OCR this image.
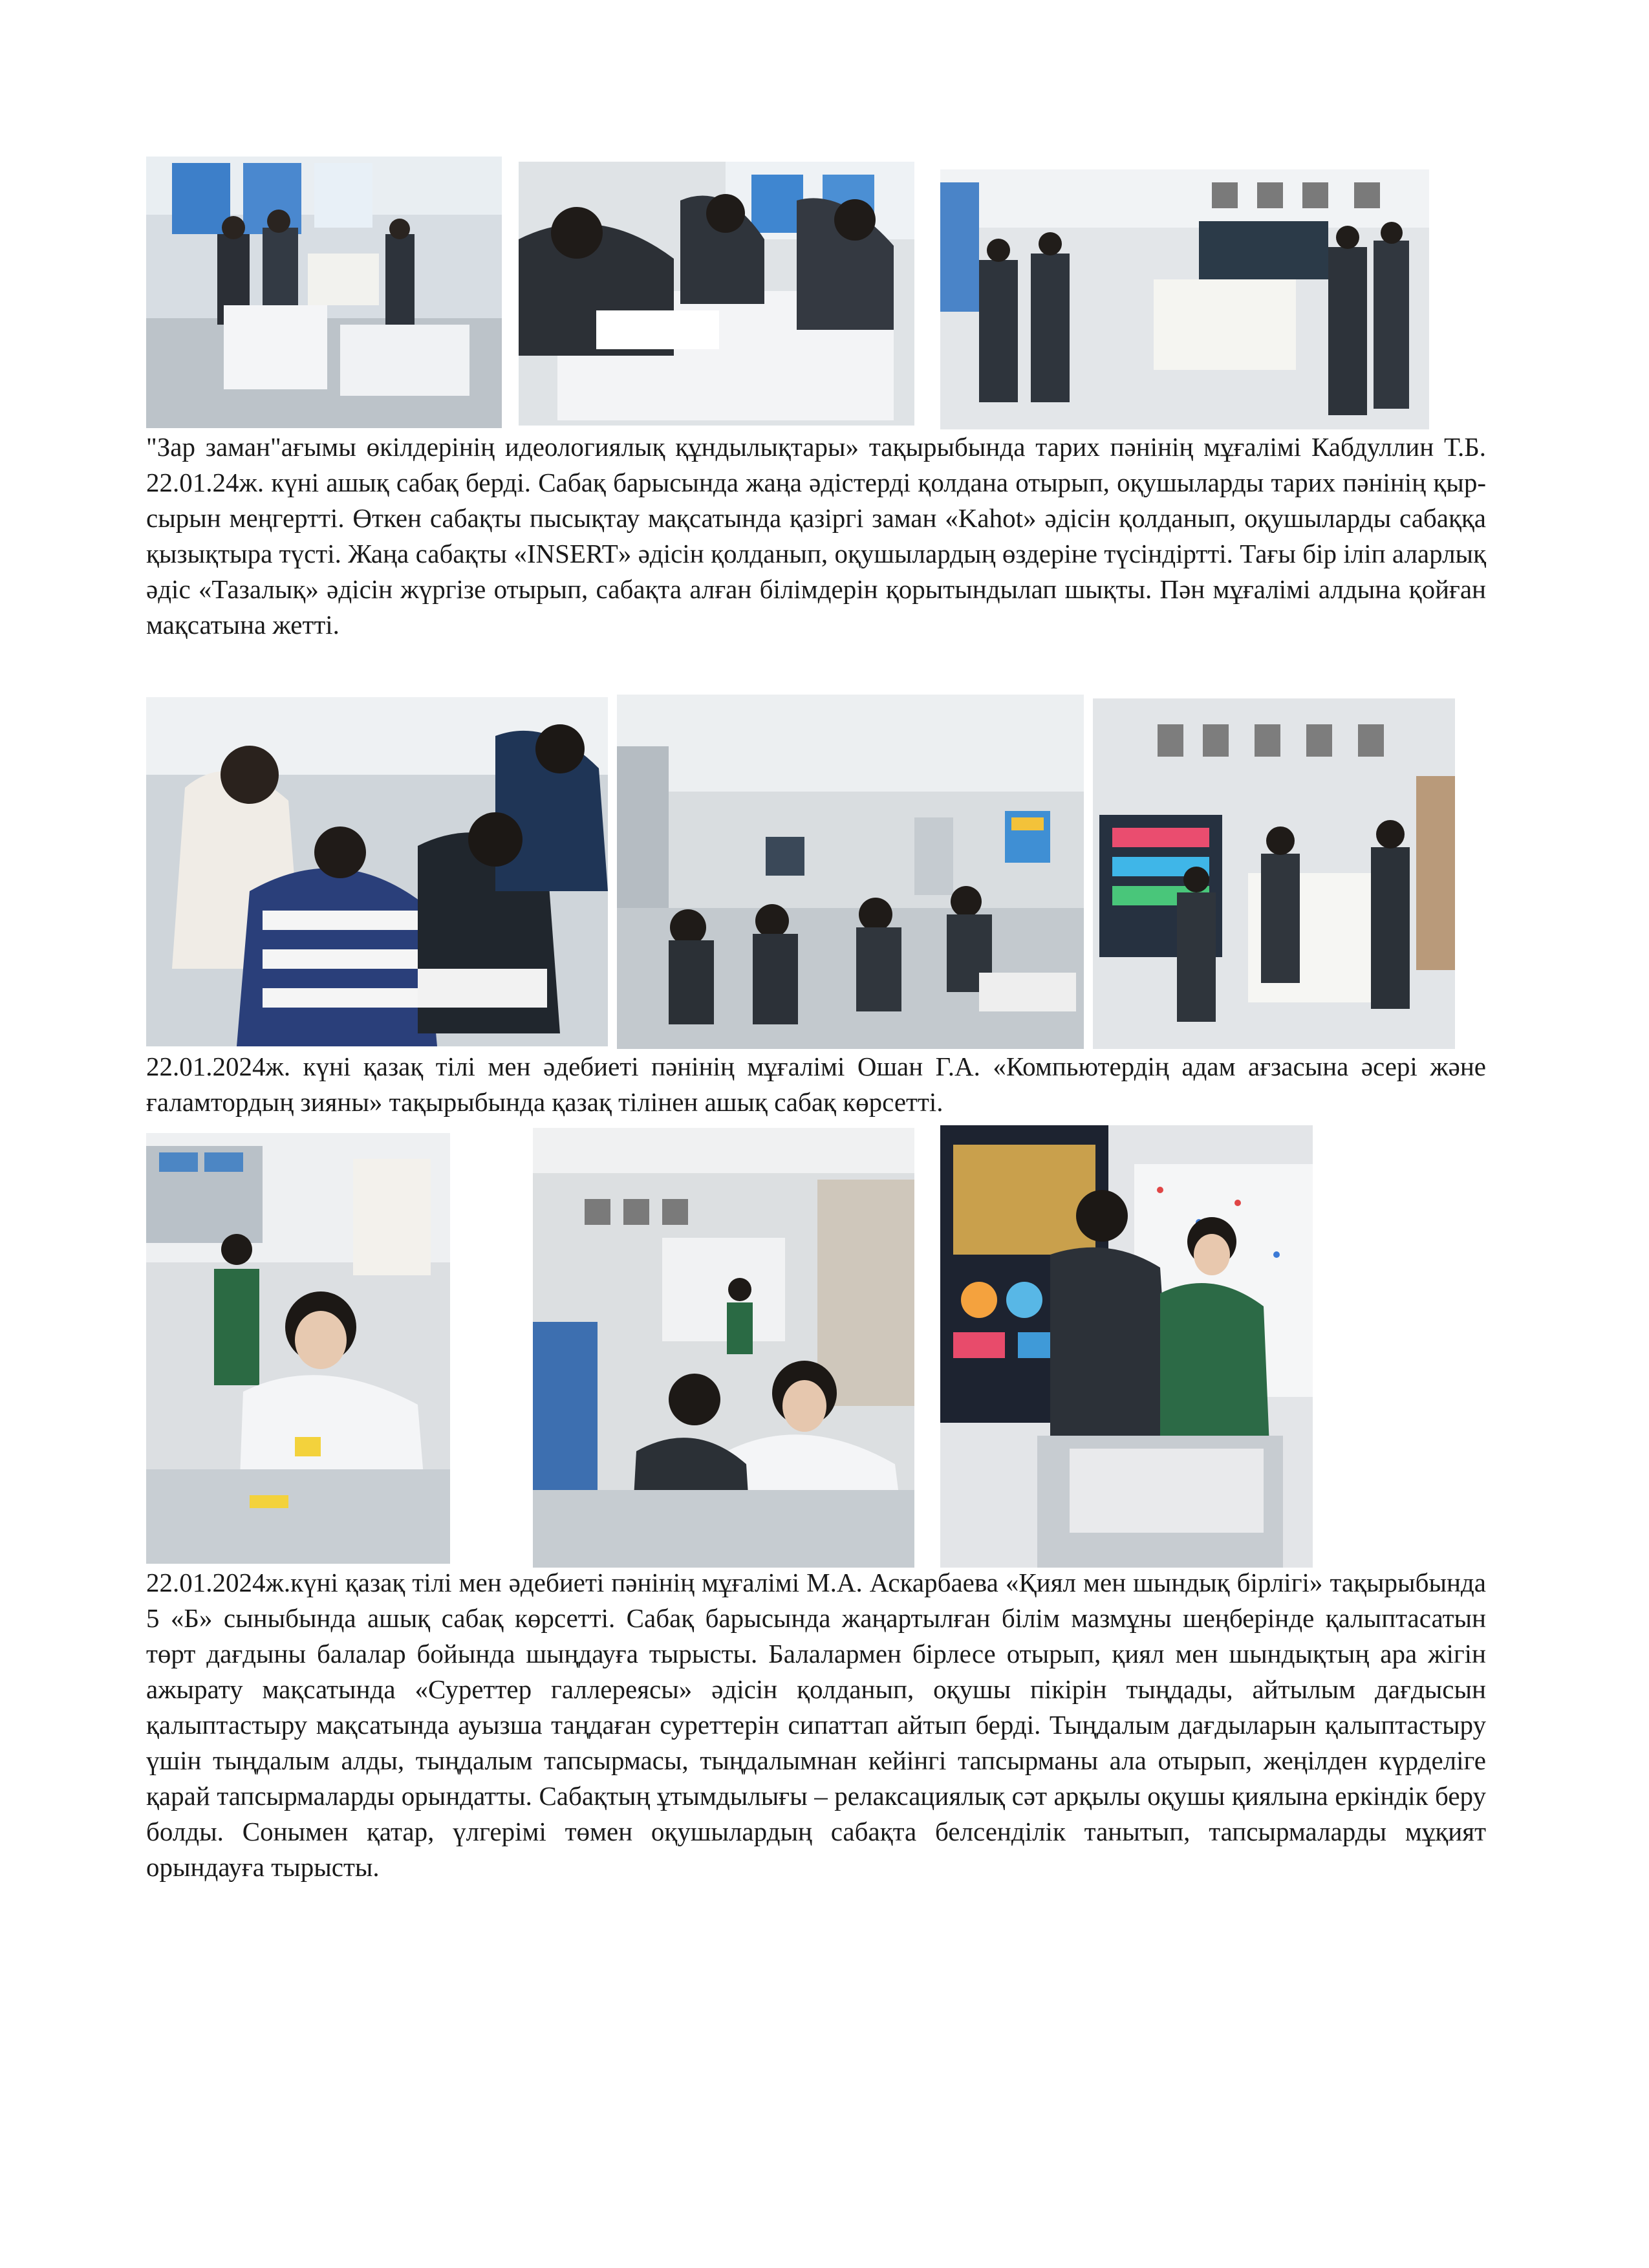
"Зар заман"ағымы өкілдерінің идеологиялық құндылықтары» тақырыбында тарих пәнінің мұғалімі Кабдуллин Т.Б. 22.01.24ж. күні ашық сабақ берді. Сабақ барысында жаңа әдістерді қолдана отырып, оқушыларды тарих пәнінің қыр-сырын меңгертті. Өткен сабақты пысықтау мақсатында қазіргі заман «Kahot» әдісін қолданып, оқушыларды сабаққа қызықтыра түсті. Жаңа сабақты «INSERT» әдісін қолданып, оқушылардың өздеріне түсіндіртті. Тағы бір іліп аларлық әдіс «Тазалық» әдісін жүргізе отырып, сабақта алған білімдерін қорытындылап шықты. Пән мұғалімі алдына қойған мақсатына жетті.

22.01.2024ж. күні қазақ тілі мен әдебиеті пәнінің мұғалімі Ошан Г.А. «Компьютердің адам ағзасына әсері және ғаламтордың зияны» тақырыбында қазақ тілінен ашық сабақ көрсетті.

22.01.2024ж.күні қазақ тілі мен әдебиеті пәнінің мұғалімі М.А. Аскарбаева «Қиял мен шындық бірлігі» тақырыбында 5 «Б» сыныбында ашық сабақ көрсетті. Сабақ барысында жаңартылған білім мазмұны шеңберінде қалыптасатын төрт дағдыны балалар бойында шыңдауға тырысты. Балалармен бірлесе отырып, қиял мен шындықтың ара жігін ажырату мақсатында «Суреттер галлереясы» әдісін қолданып, оқушы пікірін тыңдады, айтылым дағдысын қалыптастыру мақсатында ауызша таңдаған суреттерін сипаттап айтып берді. Тыңдалым дағдыларын қалыптастыру үшін тыңдалым алды, тыңдалым тапсырмасы, тыңдалымнан кейінгі тапсырманы ала отырып, жеңілден күрделіге қарай тапсырмаларды орындатты. Сабақтың ұтымдылығы – релаксациялық сәт арқылы оқушы қиялына еркіндік беру болды. Сонымен қатар, үлгерімі төмен оқушылардың сабақта белсенділік танытып, тапсырмаларды мұқият орындауға тырысты.
